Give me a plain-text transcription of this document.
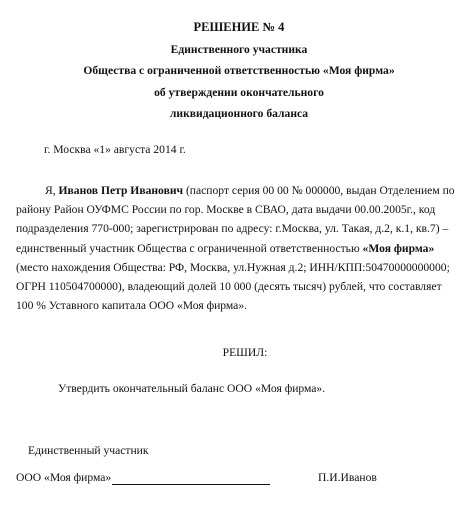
РЕШЕНИЕ № 4
Единственного участника
Общества с ограниченной ответственностью «Моя фирма»
об утверждении окончательного
ликвидационного баланса
г. Москва «1» августа 2014 г.
Я, Иванов Петр Иванович (паспорт серия 00 00 № 000000, выдан Отделением по
району Район ОУФМС России по гор. Москве в СВАО, дата выдачи 00.00.2005г., код
подразделения 770-000; зарегистрирован по адресу: г.Москва, ул. Такая, д.2, к.1, кв.7) –
единственный участник Общества с ограниченной ответственностью «Моя фирма»
(место нахождения Общества: РФ, Москва, ул.Нужная д.2; ИНН/КПП:50470000000000;
ОГРН 110504700000), владеющий долей 10 000 (десять тысяч) рублей, что составляет
100 % Уставного капитала ООО «Моя фирма».
РЕШИЛ:
Утвердить окончательный баланс ООО «Моя фирма».
Единственный участник
ООО «Моя фирма»	П.И.Иванов
